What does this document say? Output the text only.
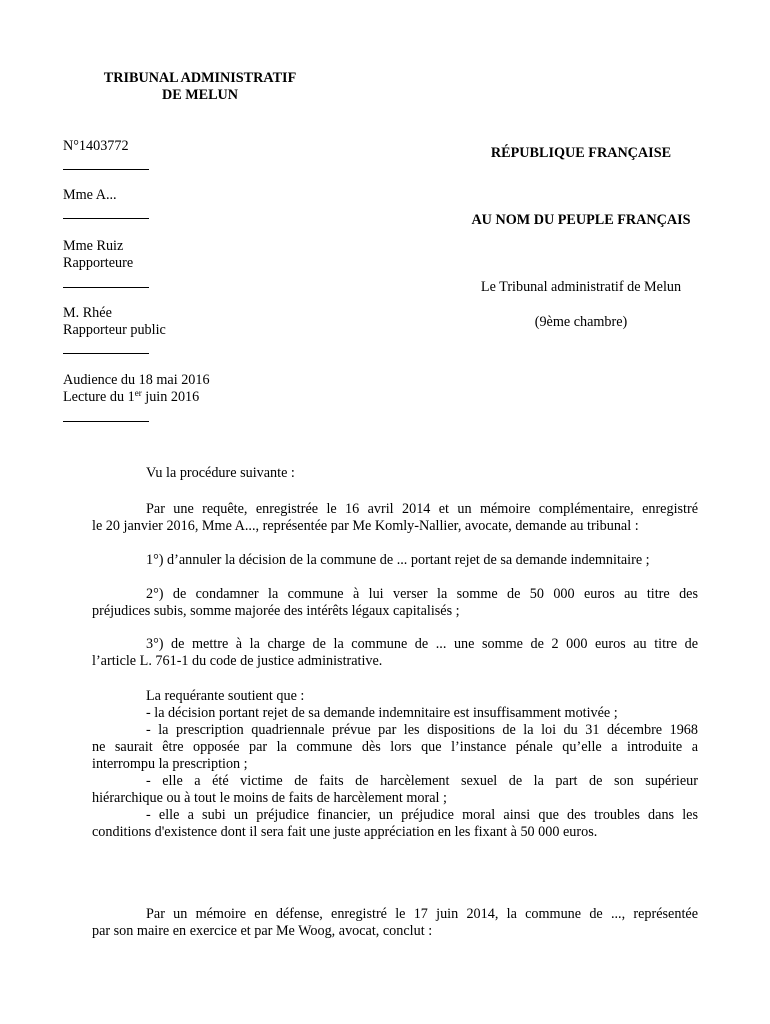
TRIBUNAL ADMINISTRATIF
DE MELUN
N°1403772
Mme A...
Mme Ruiz
Rapporteure
M. Rhée
Rapporteur public
Audience du 18 mai 2016
Lecture du 1er juin 2016
RÉPUBLIQUE FRANÇAISE
AU NOM DU PEUPLE FRANÇAIS
Le Tribunal administratif de Melun
(9ème chambre)
Vu la procédure suivante :
Par une requête, enregistrée le 16 avril 2014 et un mémoire complémentaire, enregistré
le 20 janvier 2016, Mme A..., représentée par Me Komly-Nallier, avocate, demande au tribunal :
1°) d’annuler la décision de la commune de ... portant rejet de sa demande indemnitaire ;
2°) de condamner la commune à lui verser la somme de 50 000 euros au titre des
préjudices subis, somme majorée des intérêts légaux capitalisés ;
3°) de mettre à la charge de la commune de ... une somme de 2 000 euros au titre de
l’article L. 761-1 du code de justice administrative.
La requérante soutient que :
- la décision portant rejet de sa demande indemnitaire est insuffisamment motivée ;
- la prescription quadriennale prévue par les dispositions de la loi du 31 décembre 1968
ne saurait être opposée par la commune dès lors que l’instance pénale qu’elle a introduite a
interrompu la prescription ;
- elle a été victime de faits de harcèlement sexuel de la part de son supérieur
hiérarchique ou à tout le moins de faits de harcèlement moral ;
- elle a subi un préjudice financier, un préjudice moral ainsi que des troubles dans les
conditions d'existence dont il sera fait une juste appréciation en les fixant à 50 000 euros.
Par un mémoire en défense, enregistré le 17 juin 2014, la commune de ..., représentée
par son maire en exercice et par Me Woog, avocat, conclut :
